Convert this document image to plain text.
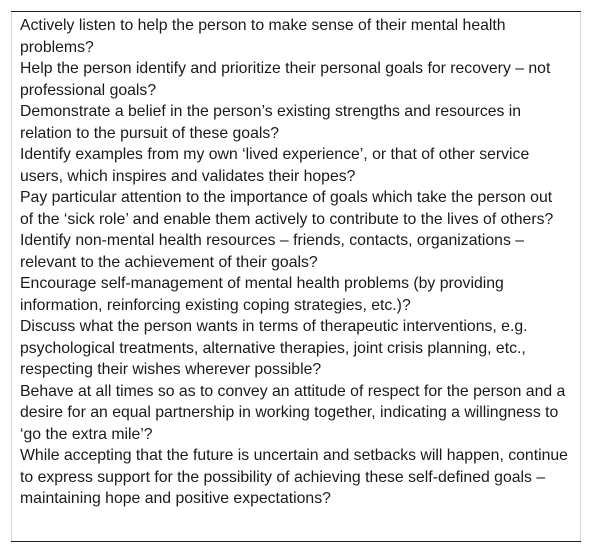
Actively listen to help the person to make sense of their mental health problems?
Help the person identify and prioritize their personal goals for recovery – not professional goals?
Demonstrate a belief in the person’s existing strengths and resources in relation to the pursuit of these goals?
Identify examples from my own ‘lived experience’, or that of other service users, which inspires and validates their hopes?
Pay particular attention to the importance of goals which take the person out of the ‘sick role’ and enable them actively to contribute to the lives of others?
Identify non-mental health resources – friends, contacts, organizations – relevant to the achievement of their goals?
Encourage self-management of mental health problems (by providing information, reinforcing existing coping strategies, etc.)?
Discuss what the person wants in terms of therapeutic interventions, e.g. psychological treatments, alternative therapies, joint crisis planning, etc., respecting their wishes wherever possible?
Behave at all times so as to convey an attitude of respect for the person and a desire for an equal partnership in working together, indicating a willingness to ‘go the extra mile’?
While accepting that the future is uncertain and setbacks will happen, continue to express support for the possibility of achieving these self-defined goals – maintaining hope and positive expectations?
